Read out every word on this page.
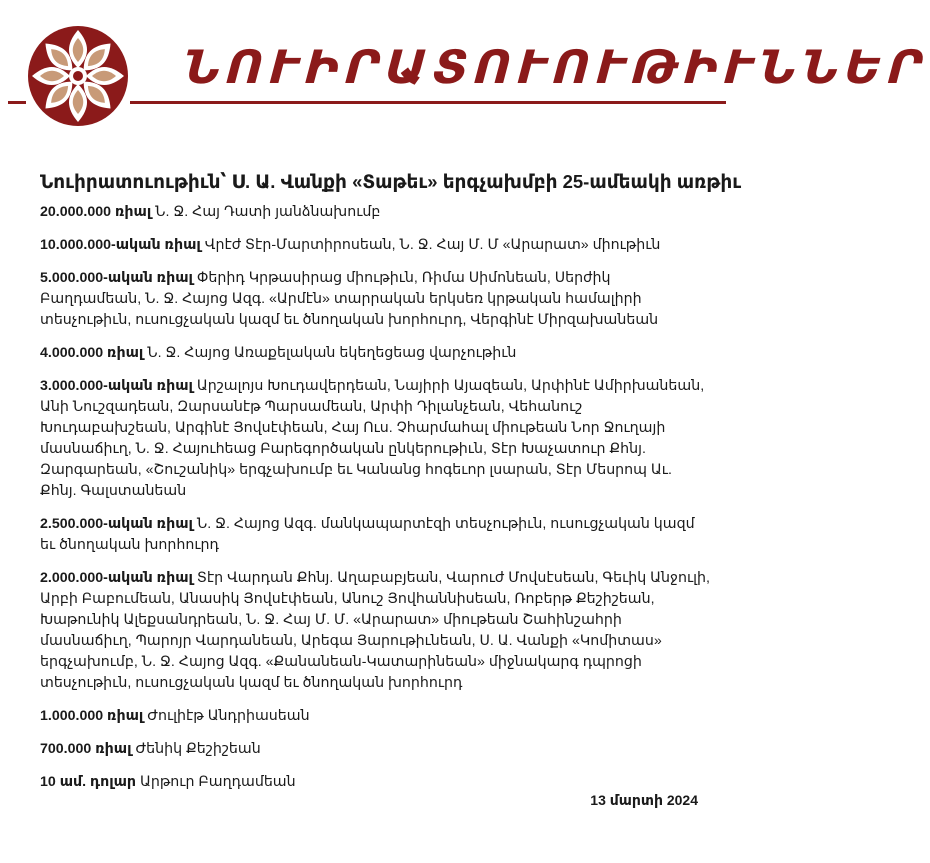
ՆՈՒԻՐԱՏՈՒՈՒԹԻՒՆՆԵՐ
Նուիրատուութիւն՝ Ս. Ա. Վանքի «Տաթեւ» երգչախմբի 25-ամեակի առթիւ

20.000.000 ռիալ Ն. Ջ. Հայ Դատի յանձնախումբ

10.000.000-ական ռիալ Վրէժ Տէր-Մարտիրոսեան, Ն. Ջ. Հայ Մ. Մ «Արարատ» միութիւն

5.000.000-ական ռիալ Փերիդ Կրթասիրաց միութիւն, Ռիմա Սիմոնեան, Սերժիկ Բաղդամեան, Ն. Ջ. Հայոց Ազգ. «Արմէն» տարրական երկսեռ կրթական համալիրի տեսչութիւն, ուսուցչական կազմ եւ ծնողական խորհուրդ, Վերգինէ Միրզախանեան

4.000.000 ռիալ Ն. Ջ. Հայոց Առաքելական եկեղեցեաց վարչութիւն

3.000.000-ական ռիալ Արշալոյս Խուդավերդեան, Նայիրի Այազեան, Արփինէ Ամիրխանեան, Անի Նուշզադեան, Զարսանէթ Պարսամեան, Արփի Դիլանչեան, Վեհանուշ Խուդաբախշեան, Արգինէ Յովսէփեան, Հայ Ուս. Չհարմահալ միութեան Նոր Ջուղայի մասնաճիւղ, Ն. Ջ. Հայուհեաց Բարեգործական ընկերութիւն, Տէր Խաչատուր Քհնյ. Զարգարեան, «Շուշանիկ» երգչախումբ եւ Կանանց հոգեւոր լսարան, Տէր Մեսրոպ Աւ. Քհնյ. Գալստանեան

2.500.000-ական ռիալ Ն. Ջ. Հայոց Ազգ. մանկապարտէզի տեսչութիւն, ուսուցչական կազմ եւ ծնողական խորհուրդ

2.000.000-ական ռիալ Տէր Վարդան Քհնյ. Աղաբաբյեան, Վարուժ Մովսէսեան, Գեւիկ Անջուլի, Արբի Բաբումեան, Անասիկ Յովսէփեան, Անուշ Յովհաննիսեան, Ռոբերթ Քեշիշեան, Խաթունիկ Ալեքսանդրեան, Ն. Ջ. Հայ Մ. Մ. «Արարատ» միութեան Շահինշահրի մասնաճիւղ, Պարոյր Վարդանեան, Արեգա Յարութիւնեան, Ս. Ա. Վանքի «Կոմիտաս» երգչախումբ, Ն. Ջ. Հայոց Ազգ. «Քանանեան-Կատարինեան» միջնակարգ դպրոցի տեսչութիւն, ուսուցչական կազմ եւ ծնողական խորհուրդ

1.000.000 ռիալ Ժուլիէթ Անդրիասեան

700.000 ռիալ Ժենիկ Քեշիշեան

10 ամ. դոլար Արթուր Բաղդամեան

13 մարտի 2024
